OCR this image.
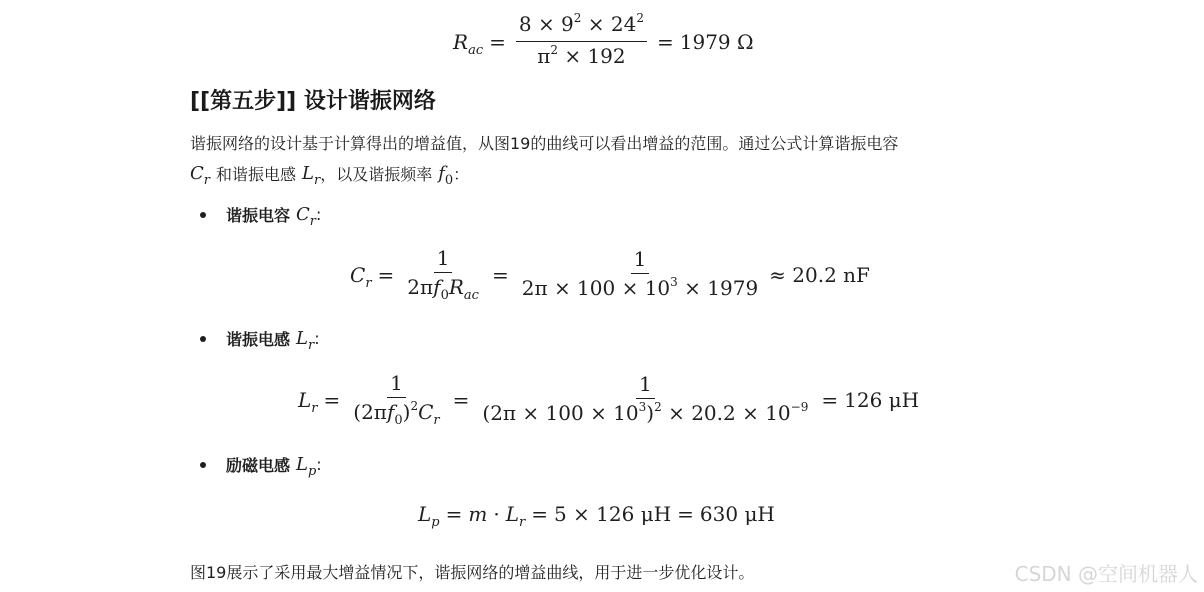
$R_{ac} = \frac{8 \times 9^2 \times 24^2}{\pi^2 \times 192} = 1979$ Ω
[[第五步]] 设计谐振网络
谐振网络的设计基于计算得出的增益值，从图19的曲线可以看出增益的范围。通过公式计算谐振电容
$C_r$ 和谐振电感 $L_r$ ，以及谐振频率 $f_0$ ：
谐振电容 $C_r$ :
$C_r = \frac{1}{2\pi f_0R_{ac}} = \frac{1}{2\pi \times 100 \times 10^3 \times 1979} \approx 20.2$ nF
谐振电感 $L_r$ :
$L_r = \frac{1}{(2\pi f_0)^2C_r} = \frac{1}{(2\pi \times 100 \times 10^3)^2 \times 20.2 \times 10^{-9}} = 126$ μH
励磁电感 $L_p$ :
$L_p = m \cdot L_r = 5 \times 126$ μH = 630 μH
图19展示了采用最大增益情况下，谐振网络的增益曲线，用于进一步优化设计。	CSDN @空间机器人
